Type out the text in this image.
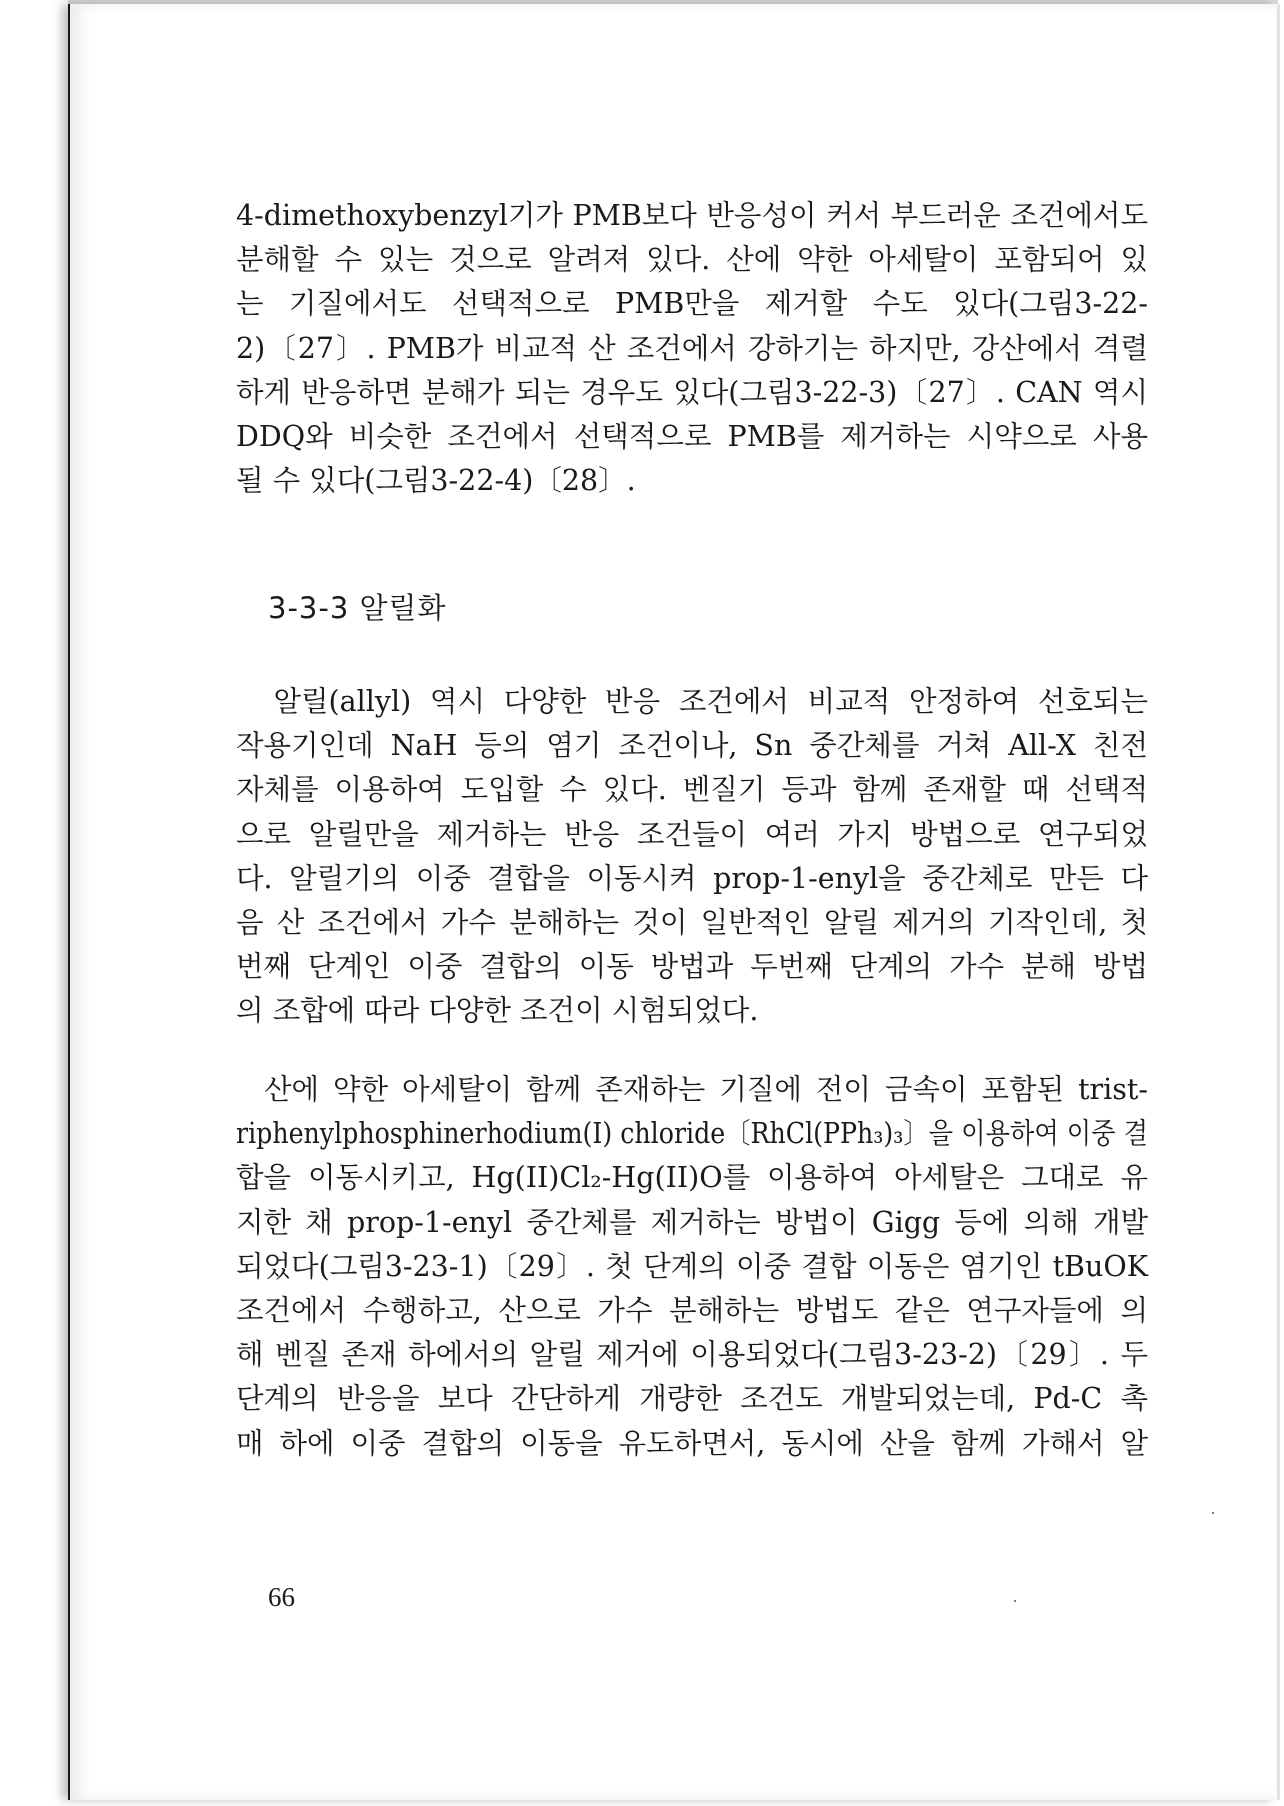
4-dimethoxybenzyl기가 PMB보다 반응성이 커서 부드러운 조건에서도
분해할 수 있는 것으로 알려져 있다. 산에 약한 아세탈이 포함되어 있
는 기질에서도 선택적으로 PMB만을 제거할 수도 있다(그림3-22-
2)〔27〕. PMB가 비교적 산 조건에서 강하기는 하지만, 강산에서 격렬
하게 반응하면 분해가 되는 경우도 있다(그림3-22-3)〔27〕. CAN 역시
DDQ와 비슷한 조건에서 선택적으로 PMB를 제거하는 시약으로 사용
될 수 있다(그림3-22-4)〔28〕.
3-3-3 알릴화
알릴(allyl) 역시 다양한 반응 조건에서 비교적 안정하여 선호되는
작용기인데 NaH 등의 염기 조건이나, Sn 중간체를 거쳐 All-X 친전
자체를 이용하여 도입할 수 있다. 벤질기 등과 함께 존재할 때 선택적
으로 알릴만을 제거하는 반응 조건들이 여러 가지 방법으로 연구되었
다. 알릴기의 이중 결합을 이동시켜 prop-1-enyl을 중간체로 만든 다
음 산 조건에서 가수 분해하는 것이 일반적인 알릴 제거의 기작인데, 첫
번째 단계인 이중 결합의 이동 방법과 두번째 단계의 가수 분해 방법
의 조합에 따라 다양한 조건이 시험되었다.
산에 약한 아세탈이 함께 존재하는 기질에 전이 금속이 포함된 trist-
riphenylphosphinerhodium(I) chloride〔RhCl(PPh₃)₃〕을 이용하여 이중 결
합을 이동시키고, Hg(II)Cl₂-Hg(II)O를 이용하여 아세탈은 그대로 유
지한 채 prop-1-enyl 중간체를 제거하는 방법이 Gigg 등에 의해 개발
되었다(그림3-23-1)〔29〕. 첫 단계의 이중 결합 이동은 염기인 tBuOK
조건에서 수행하고, 산으로 가수 분해하는 방법도 같은 연구자들에 의
해 벤질 존재 하에서의 알릴 제거에 이용되었다(그림3-23-2)〔29〕. 두
단계의 반응을 보다 간단하게 개량한 조건도 개발되었는데, Pd-C 촉
매 하에 이중 결합의 이동을 유도하면서, 동시에 산을 함께 가해서 알
66
